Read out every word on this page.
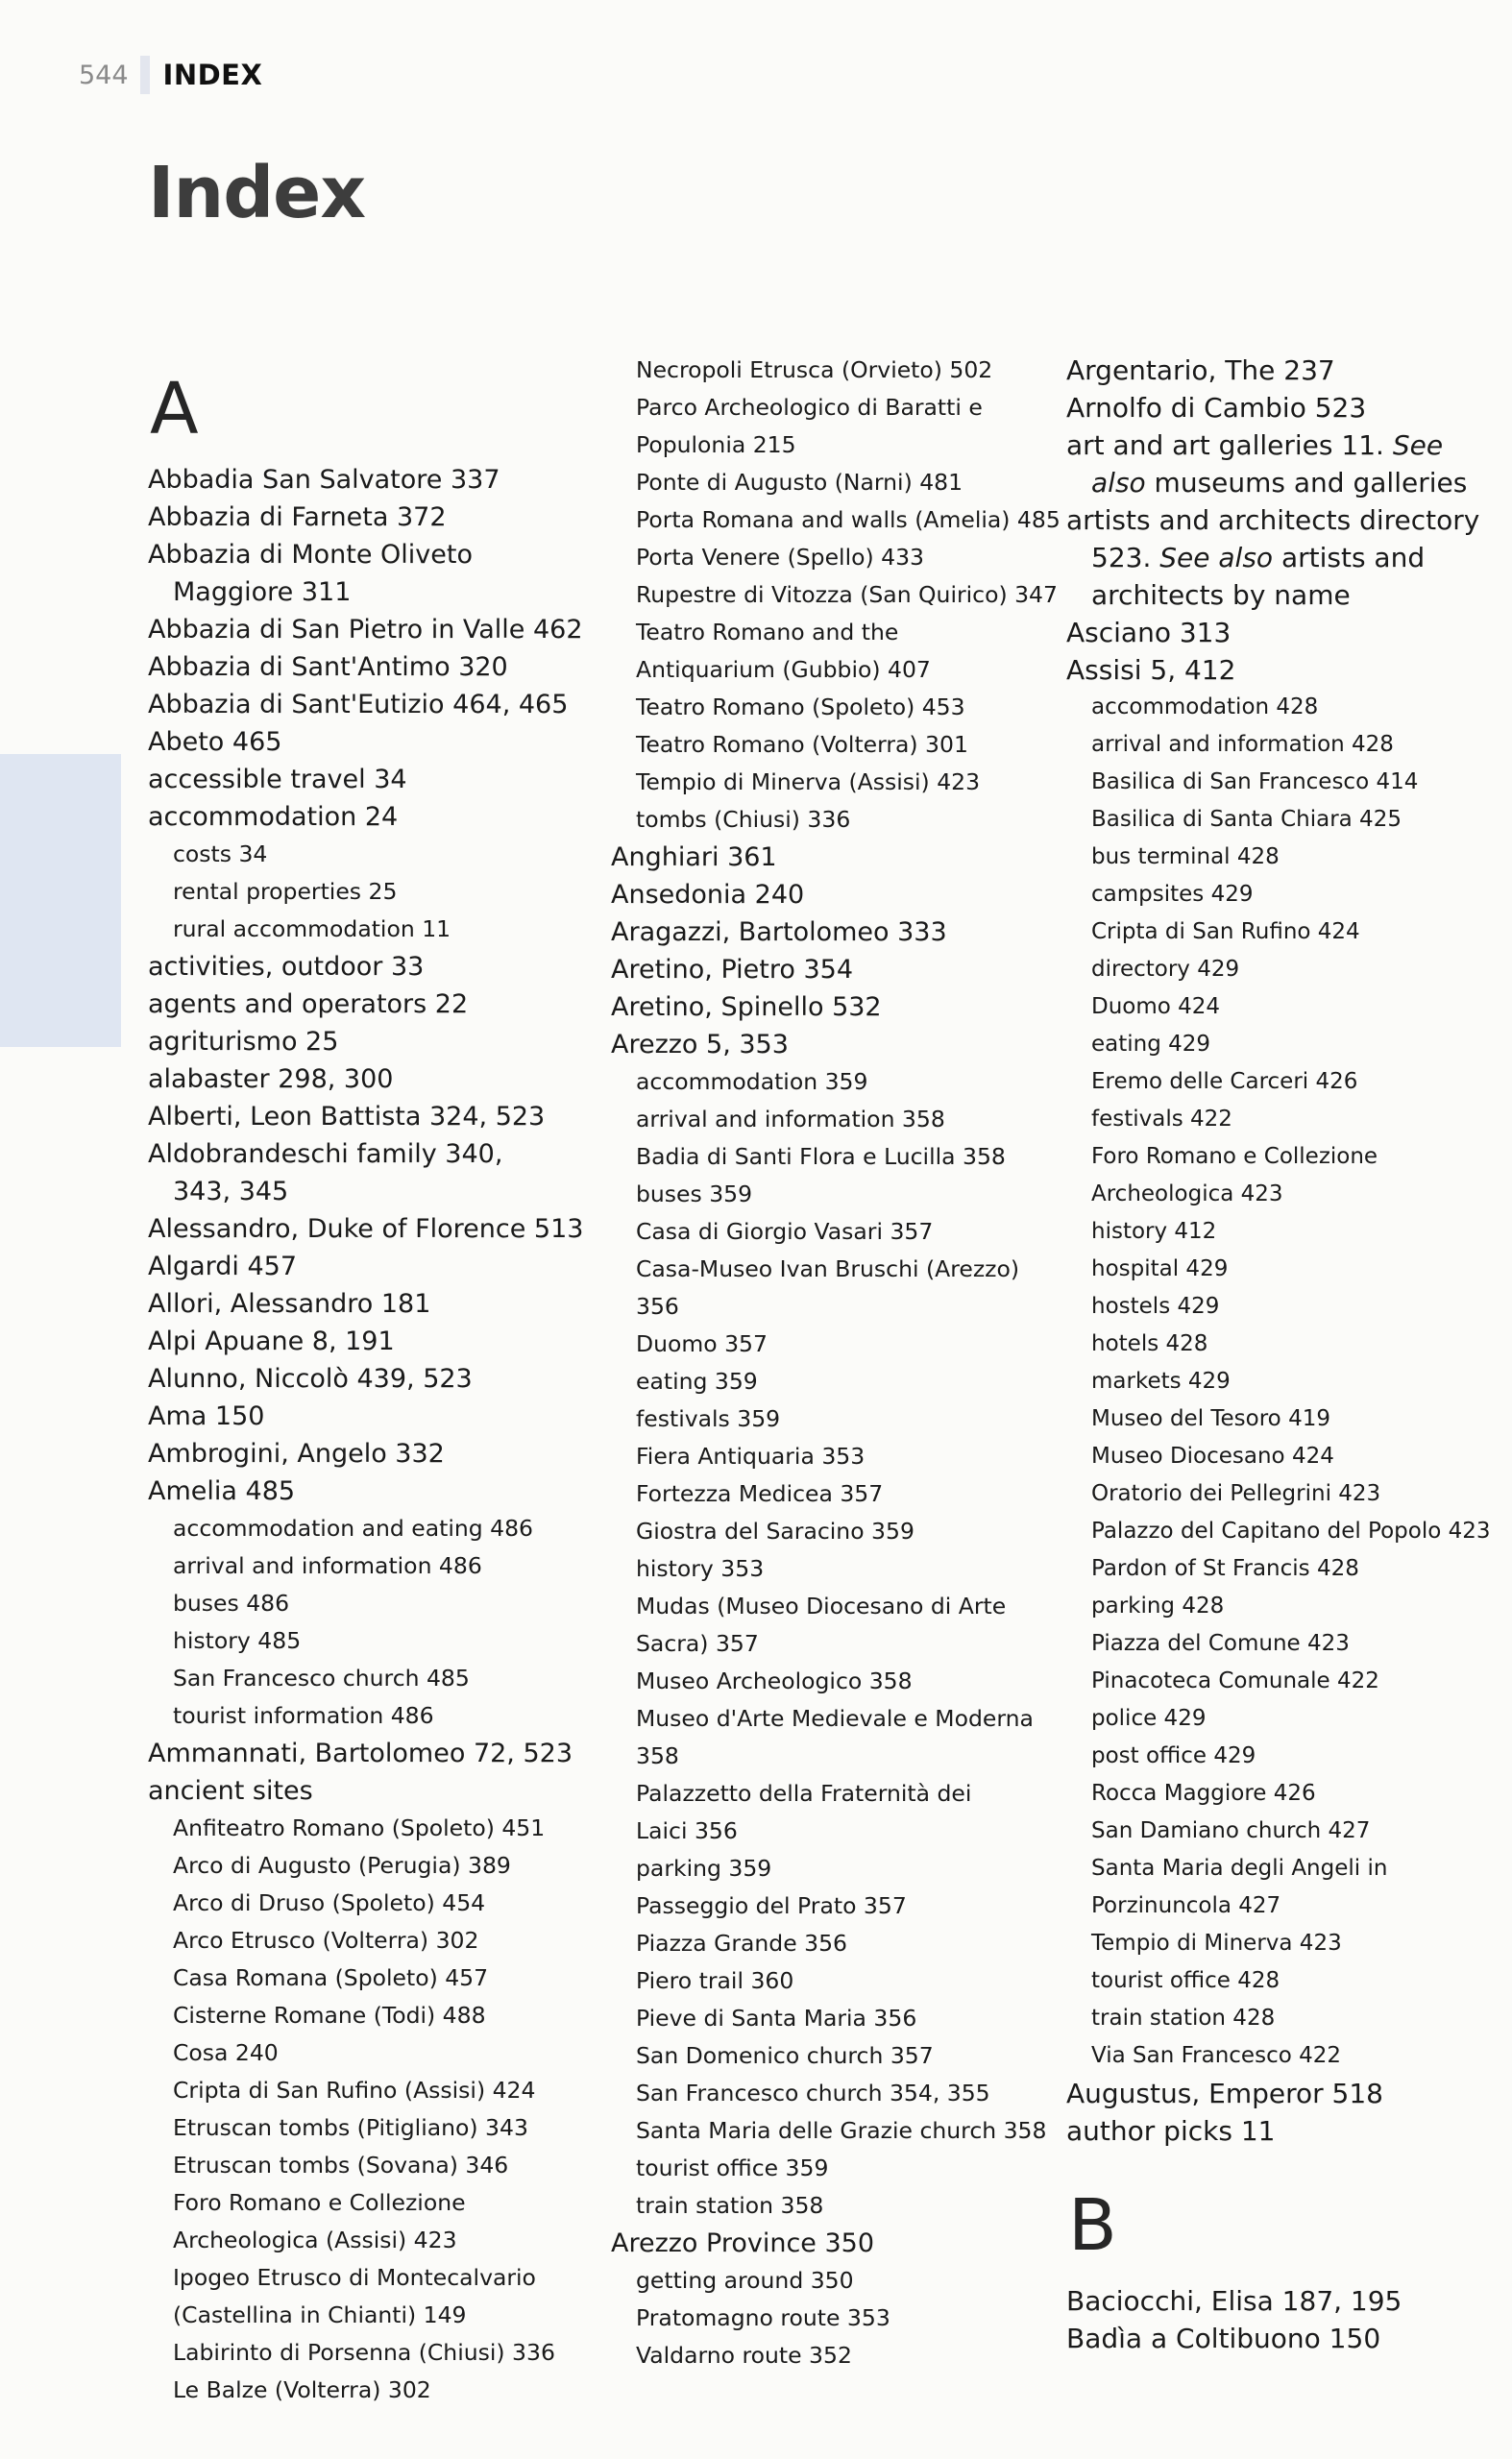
544 INDEX
Index
A
Abbadia San Salvatore 337
Abbazia di Farneta 372
Abbazia di Monte Oliveto
Maggiore 311
Abbazia di San Pietro in Valle 462
Abbazia di Sant'Antimo 320
Abbazia di Sant'Eutizio 464, 465
Abeto 465
accessible travel 34
accommodation 24
costs 34
rental properties 25
rural accommodation 11
activities, outdoor 33
agents and operators 22
agriturismo 25
alabaster 298, 300
Alberti, Leon Battista 324, 523
Aldobrandeschi family 340,
343, 345
Alessandro, Duke of Florence 513
Algardi 457
Allori, Alessandro 181
Alpi Apuane 8, 191
Alunno, Niccolò 439, 523
Ama 150
Ambrogini, Angelo 332
Amelia 485
accommodation and eating 486
arrival and information 486
buses 486
history 485
San Francesco church 485
tourist information 486
Ammannati, Bartolomeo 72, 523
ancient sites
Anfiteatro Romano (Spoleto) 451
Arco di Augusto (Perugia) 389
Arco di Druso (Spoleto) 454
Arco Etrusco (Volterra) 302
Casa Romana (Spoleto) 457
Cisterne Romane (Todi) 488
Cosa 240
Cripta di San Rufino (Assisi) 424
Etruscan tombs (Pitigliano) 343
Etruscan tombs (Sovana) 346
Foro Romano e Collezione
Archeologica (Assisi) 423
Ipogeo Etrusco di Montecalvario
(Castellina in Chianti) 149
Labirinto di Porsenna (Chiusi) 336
Le Balze (Volterra) 302
Necropoli Etrusca (Orvieto) 502
Parco Archeologico di Baratti e
Populonia 215
Ponte di Augusto (Narni) 481
Porta Romana and walls (Amelia) 485
Porta Venere (Spello) 433
Rupestre di Vitozza (San Quirico) 347
Teatro Romano and the
Antiquarium (Gubbio) 407
Teatro Romano (Spoleto) 453
Teatro Romano (Volterra) 301
Tempio di Minerva (Assisi) 423
tombs (Chiusi) 336
Anghiari 361
Ansedonia 240
Aragazzi, Bartolomeo 333
Aretino, Pietro 354
Aretino, Spinello 532
Arezzo 5, 353
accommodation 359
arrival and information 358
Badia di Santi Flora e Lucilla 358
buses 359
Casa di Giorgio Vasari 357
Casa-Museo Ivan Bruschi (Arezzo)
356
Duomo 357
eating 359
festivals 359
Fiera Antiquaria 353
Fortezza Medicea 357
Giostra del Saracino 359
history 353
Mudas (Museo Diocesano di Arte
Sacra) 357
Museo Archeologico 358
Museo d'Arte Medievale e Moderna
358
Palazzetto della Fraternità dei
Laici 356
parking 359
Passeggio del Prato 357
Piazza Grande 356
Piero trail 360
Pieve di Santa Maria 356
San Domenico church 357
San Francesco church 354, 355
Santa Maria delle Grazie church 358
tourist office 359
train station 358
Arezzo Province 350
getting around 350
Pratomagno route 353
Valdarno route 352
Argentario, The 237
Arnolfo di Cambio 523
art and art galleries 11. See
also museums and galleries
artists and architects directory
523. See also artists and
architects by name
Asciano 313
Assisi 5, 412
accommodation 428
arrival and information 428
Basilica di San Francesco 414
Basilica di Santa Chiara 425
bus terminal 428
campsites 429
Cripta di San Rufino 424
directory 429
Duomo 424
eating 429
Eremo delle Carceri 426
festivals 422
Foro Romano e Collezione
Archeologica 423
history 412
hospital 429
hostels 429
hotels 428
markets 429
Museo del Tesoro 419
Museo Diocesano 424
Oratorio dei Pellegrini 423
Palazzo del Capitano del Popolo 423
Pardon of St Francis 428
parking 428
Piazza del Comune 423
Pinacoteca Comunale 422
police 429
post office 429
Rocca Maggiore 426
San Damiano church 427
Santa Maria degli Angeli in
Porzinuncola 427
Tempio di Minerva 423
tourist office 428
train station 428
Via San Francesco 422
Augustus, Emperor 518
author picks 11
B
Baciocchi, Elisa 187, 195
Badìa a Coltibuono 150
